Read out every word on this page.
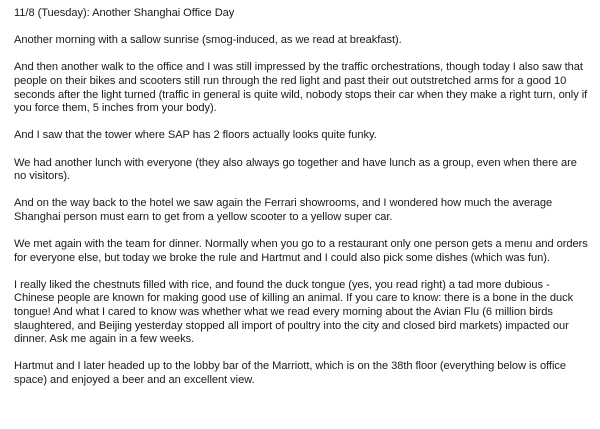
11/8 (Tuesday): Another Shanghai Office Day

Another morning with a sallow sunrise (smog-induced, as we read at breakfast).

And then another walk to the office and I was still impressed by the traffic orchestrations, though today I also saw that people on their bikes and scooters still run through the red light and past their out outstretched arms for a good 10 seconds after the light turned (traffic in general is quite wild, nobody stops their car when they make a right turn, only if you force them, 5 inches from your body).

And I saw that the tower where SAP has 2 floors actually looks quite funky.

We had another lunch with everyone (they also always go together and have lunch as a group, even when there are no visitors).

And on the way back to the hotel we saw again the Ferrari showrooms, and I wondered how much the average Shanghai person must earn to get from a yellow scooter to a yellow super car.

We met again with the team for dinner. Normally when you go to a restaurant only one person gets a menu and orders for everyone else, but today we broke the rule and Hartmut and I could also pick some dishes (which was fun).

I really liked the chestnuts filled with rice, and found the duck tongue (yes, you read right) a tad more dubious - Chinese people are known for making good use of killing an animal. If you care to know: there is a bone in the duck tongue! And what I cared to know was whether what we read every morning about the Avian Flu (6 million birds slaughtered, and Beijing yesterday stopped all import of poultry into the city and closed bird markets) impacted our dinner. Ask me again in a few weeks.

Hartmut and I later headed up to the lobby bar of the Marriott, which is on the 38th floor (everything below is office space) and enjoyed a beer and an excellent view.
